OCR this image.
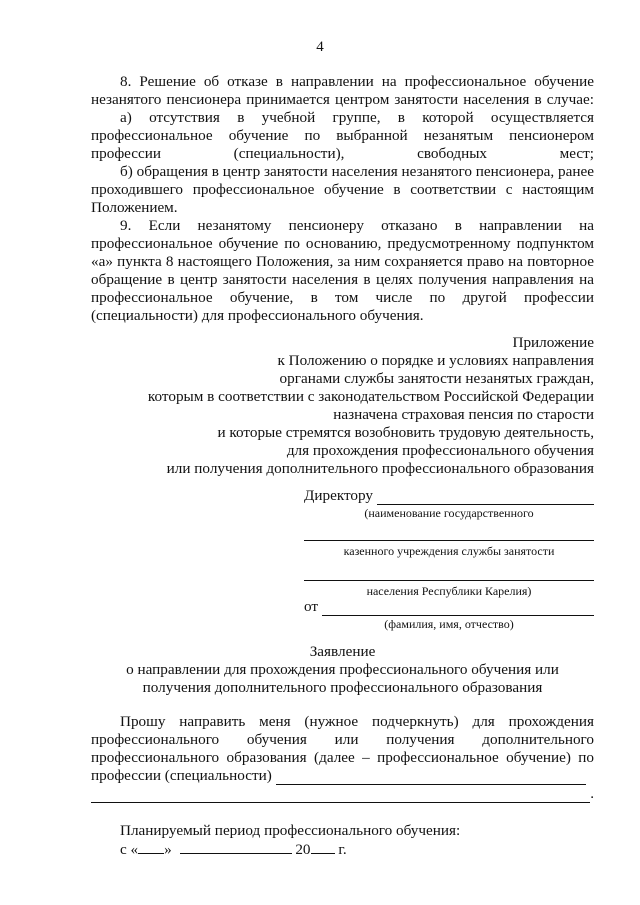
4
8. Решение об отказе в направлении на профессиональное обучение незанятого пенсионера принимается центром занятости населения в случае:
а) отсутствия в учебной группе, в которой осуществляется профессиональное обучение по выбранной незанятым пенсионером профессии (специальности), свободных мест;
б) обращения в центр занятости населения незанятого пенсионера, ранее проходившего профессиональное обучение в соответствии с настоящим Положением.
9. Если незанятому пенсионеру отказано в направлении на профессиональное обучение по основанию, предусмотренному подпунктом «а» пункта 8 настоящего Положения, за ним сохраняется право на повторное обращение в центр занятости населения в целях получения направления на профессиональное обучение, в том числе по другой профессии (специальности) для профессионального обучения.
Приложение
к Положению о порядке и условиях направления
органами службы занятости незанятых граждан,
которым в соответствии с законодательством Российской Федерации
назначена страховая пенсия по старости
и которые стремятся возобновить трудовую деятельность,
для прохождения профессионального обучения
или получения дополнительного профессионального образования
Директору
(наименование государственного
казенного учреждения службы занятости
населения Республики Карелия)
от
(фамилия, имя, отчество)
Заявление
о направлении для прохождения профессионального обучения или
получения дополнительного профессионального образования
Прошу направить меня (нужное подчеркнуть) для прохождения профессионального обучения или получения дополнительного профессионального образования (далее – профессиональное обучение) по
профессии (специальности)
.
Планируемый период профессионального обучения:
с « »	20 г.
